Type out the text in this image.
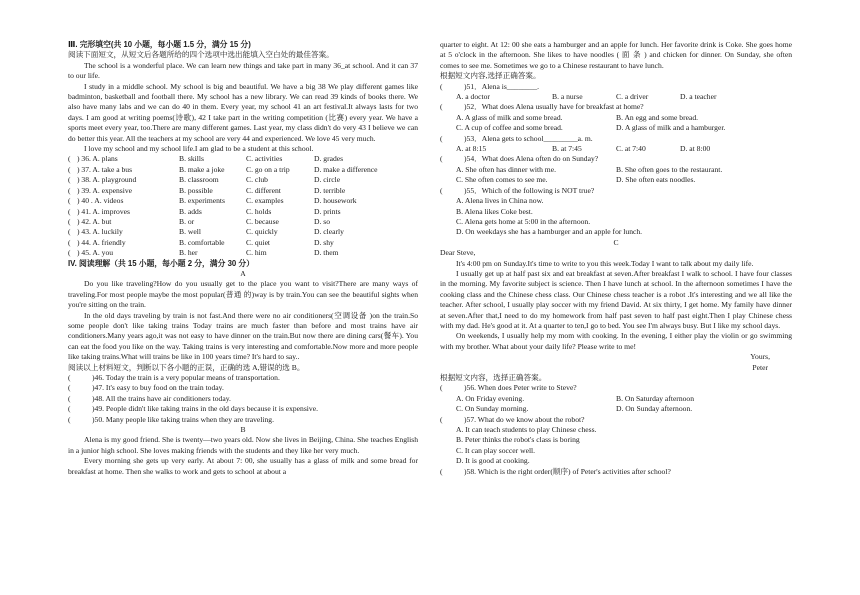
Ⅲ. 完形填空(共 10 小题，每小题 1.5 分，满分 15 分)

阅读下面短文，从短文后各题所给的四个选项中选出能填入空白处的最佳答案。

The school is a wonderful place. We can learn new things and take part in many 36_at school. And it can 37 to our life.

I study in a middle school. My school is big and beautiful. We have a big 38 We play different games like badminton, basketball and football there. My school has a new library. We can read 39 kinds of books there. We also have many labs and we can do 40 in them. Every year, my school 41 an art festival.It always lasts for two days. I am good at writing poems(诗歌), 42 I take part in the writing competition (比赛) every year. We have a sports meet every year, too.There are many different games. Last year, my class didn't do very 43 I believe we can do better this year. All the teachers at my school are very 44 and experienced. We love 45 very much.

I love my school and my school life.I am glad to be a student at this school.

( ) 36. A. plans	B. skills	C. activities	D. grades
( ) 37. A. take a bus	B. make a joke	C. go on a trip	D. make a difference
( ) 38. A. playground	B. classroom	C. club	D. circle
( ) 39. A. expensive	B. possible	C. different	D. terrible
( ) 40 . A. videos	B. experiments	C. examples	D. housework
( ) 41. A. improves	B. adds	C. holds	D. prints
( ) 42. A. but	B. or	C. because	D. so
( ) 43. A. luckily	B. well	C. quickly	D. clearly
( ) 44. A. friendly	B. comfortable	C. quiet	D. shy
( ) 45. A. you	B. her	C. him	D. them

IV. 阅读理解（共 15 小题，每小题 2 分，满分 30 分）

A

Do you like traveling?How do you usually get to the place you want to visit?There are many ways of traveling.For most people maybe the most popular(普通 的)way is by train.You can see the beautiful sights when you're sitting on the train.

In the old days traveling by train is not fast.And there were no air conditioners(空调设备 )on the train.So some people don't like taking trains Today trains are much faster than before and most trains have air conditioners.Many years ago,it was not easy to have dinner on the train.But now there are dining cars(餐车). You can eat the food you like on the way. Taking trains is very interesting and comfortable.Now more and more people like taking trains.What will trains be like in 100 years time? It's hard to say..

阅读以上材料短文，判断以下各小题的正误，正确的选 A,错误的选 B。

(	)46. Today the train is a very popular means of transportation.
(	)47. It's easy to buy food on the train today.
(	)48. All the trains have air conditioners today.
(	)49. People didn't like taking trains in the old days because it is expensive.
(	)50. Many people like taking trains when they are traveling.

B

Alena is my good friend. She is twenty—two years old. Now she lives in Beijing, China. She teaches English in a junior high school. She loves making friends with the students and they like her very much.

Every morning she gets up very early. At about 7: 00, she usually has a glass of milk and some bread for breakfast at home. Then she walks to work and gets to school at about a

quarter to eight. At 12: 00 she eats a hamburger and an apple for lunch. Her favorite drink is Coke. She goes home at 5 o'clock in the afternoon. She likes to have noodles ( 面 条 ) and chicken for dinner. On Sunday, she often comes to see me. Sometimes we go to a Chinese restaurant to have lunch.

根据短文内容,选择正确答案。

(	)51．Alena is________.
A. a doctor	B. a nurse	C. a driver	D. a teacher
(	)52．What does Alena usually have for breakfast at home?
A. A glass of milk and some bread.	B. An egg and some bread.
C. A cup of coffee and some bread.	D. A glass of milk and a hamburger.
(	)53．Alena gets to school_________a. m.
A. at 8:15	B. at 7:45	C. at 7:40	D. at 8:00
(	)54．What does Alena often do on Sunday?
A. She often has dinner with me.	B. She often goes to the restaurant.
C. She often comes to see me.	D. She often eats noodles.
(	)55．Which of the following is NOT true?

A. Alena lives in China now.

B. Alena likes Coke best.

C. Alena gets home at 5:00 in the afternoon.

D. On weekdays she has a hamburger and an apple for lunch.

C

Dear Steve,

It's 4:00 pm on Sunday.It's time to write to you this week.Today I want to talk about my daily life.

I usually get up at half past six and eat breakfast at seven.After breakfast I walk to school. I have four classes in the morning. My favorite subject is science. Then I have lunch at school. In the afternoon sometimes I have the cooking class and the Chinese chess class. Our Chinese chess teacher is a robot .It's interesting and we all like the teacher. After school, I usually play soccer with my friend David. At six thirty, I get home. My family have dinner at seven.After that,I need to do my homework from half past seven to half past eight.Then I play Chinese chess with my dad. He's good at it. At a quarter to ten,I go to bed. You see I'm always busy. But I like my school days.

On weekends, I usually help my mom with cooking. In the evening, I either play the violin or go swimming with my brother. What about your daily life? Please write to me!

Yours,

Peter

根据短文内容，选择正确答案。

(	)56. When does Peter write to Steve?
A. On Friday evening.	B. On Saturday afternoon
C. On Sunday morning.	D. On Sunday afternoon.
(	)57. What do we know about the robot?

A. It can teach students to play Chinese chess.

B. Peter thinks the robot's class is boring

C. It can play soccer well.

D. It is good at cooking.

(	)58. Which is the right order(顺序) of Peter's activities after school?
